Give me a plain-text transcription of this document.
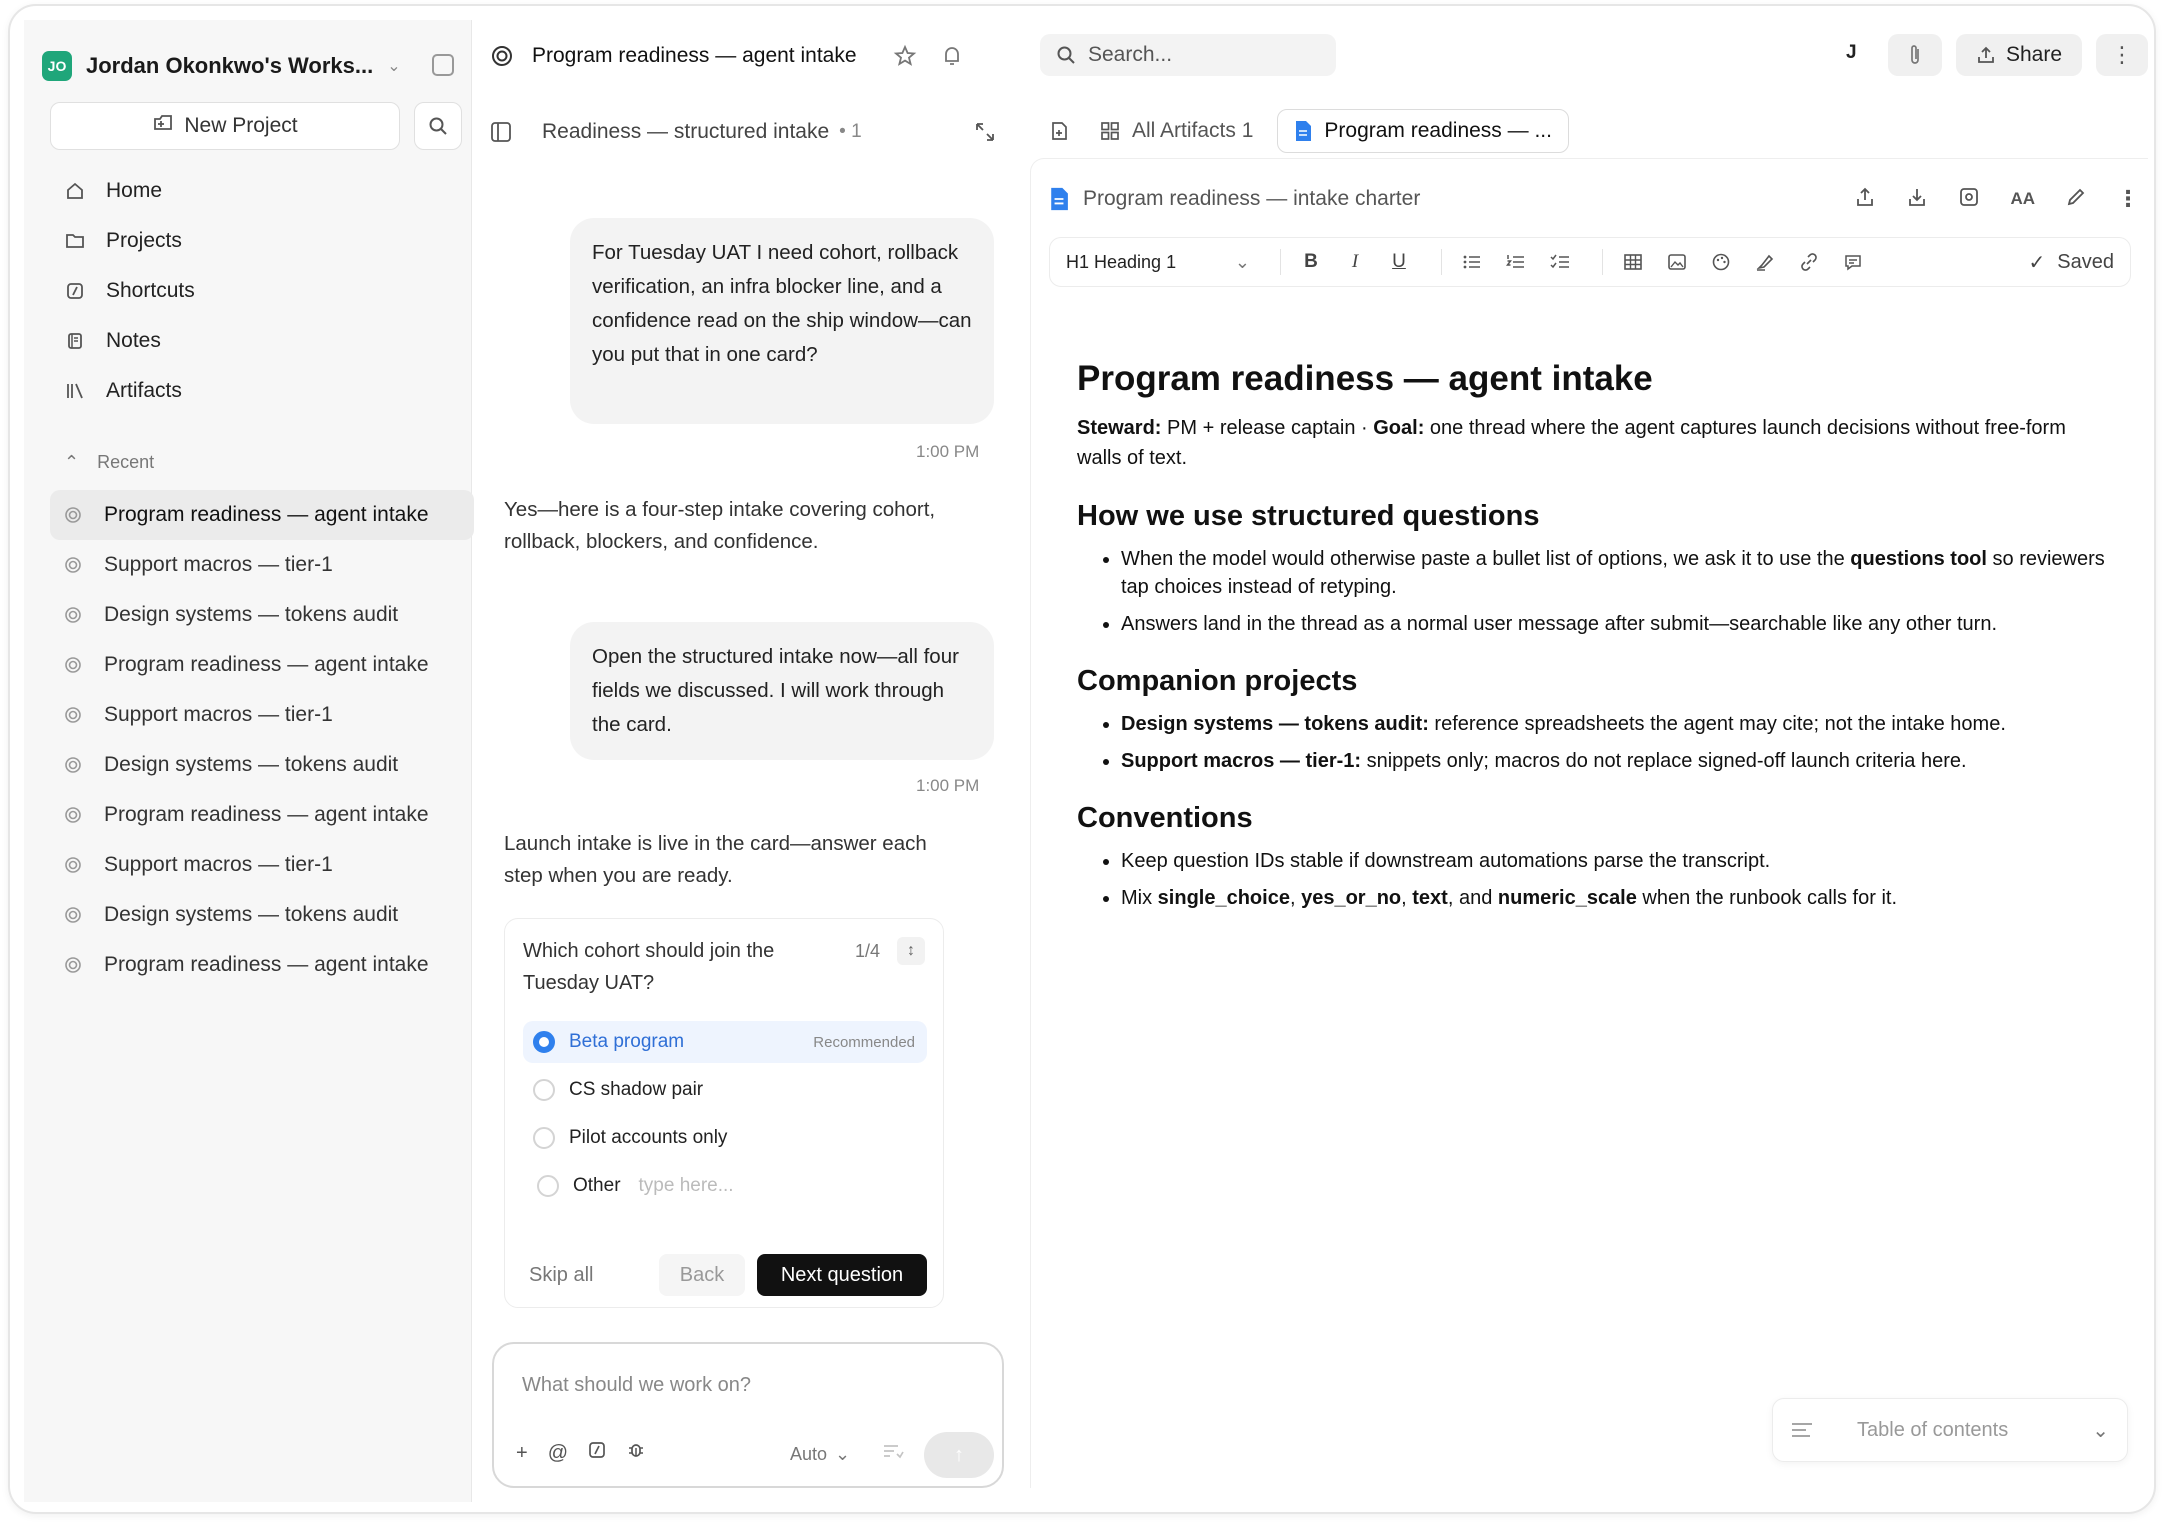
JO Jordan Okonkwo's Works... ⌄
New Project
Home
Projects
Shortcuts
Notes
Artifacts
⌃ Recent
Program readiness — agent intake
Support macros — tier-1
Design systems — tokens audit
Program readiness — agent intake
Support macros — tier-1
Design systems — tokens audit
Program readiness — agent intake
Support macros — tier-1
Design systems — tokens audit
Program readiness — agent intake
Program readiness — agent intake
Readiness — structured intake • 1
For Tuesday UAT I need cohort, rollback verification, an infra blocker line, and a confidence read on the ship window—can you put that in one card?
1:00 PM
Yes—here is a four-step intake covering cohort, rollback, blockers, and confidence.
Open the structured intake now—all four fields we discussed. I will work through the card.
1:00 PM
Launch intake is live in the card—answer each step when you are ready.
Which cohort should join the Tuesday UAT?
1/4	↕
Beta program	Recommended
CS shadow pair
Pilot accounts only
Other type here...
Skip all	Back	Next question
What should we work on?
+ @	Auto ⌄	↑
Search...	J	Share ⋮
All Artifacts 1	Program readiness — ...
Program readiness — intake charter	AA	⋮
H1 Heading 1	⌄	B	I	U	✓ Saved
Program readiness — agent intake

Steward: PM + release captain · Goal: one thread where the agent captures launch decisions without free-form walls of text.

How we use structured questions
• When the model would otherwise paste a bullet list of options, we ask it to use the questions tool so reviewers tap choices instead of retyping.
• Answers land in the thread as a normal user message after submit—searchable like any other turn.
Companion projects
• Design systems — tokens audit: reference spreadsheets the agent may cite; not the intake home.
• Support macros — tier-1: snippets only; macros do not replace signed-off launch criteria here.
Conventions
• Keep question IDs stable if downstream automations parse the transcript.
• Mix single_choice, yes_or_no, text, and numeric_scale when the runbook calls for it.
Table of contents	⌄
